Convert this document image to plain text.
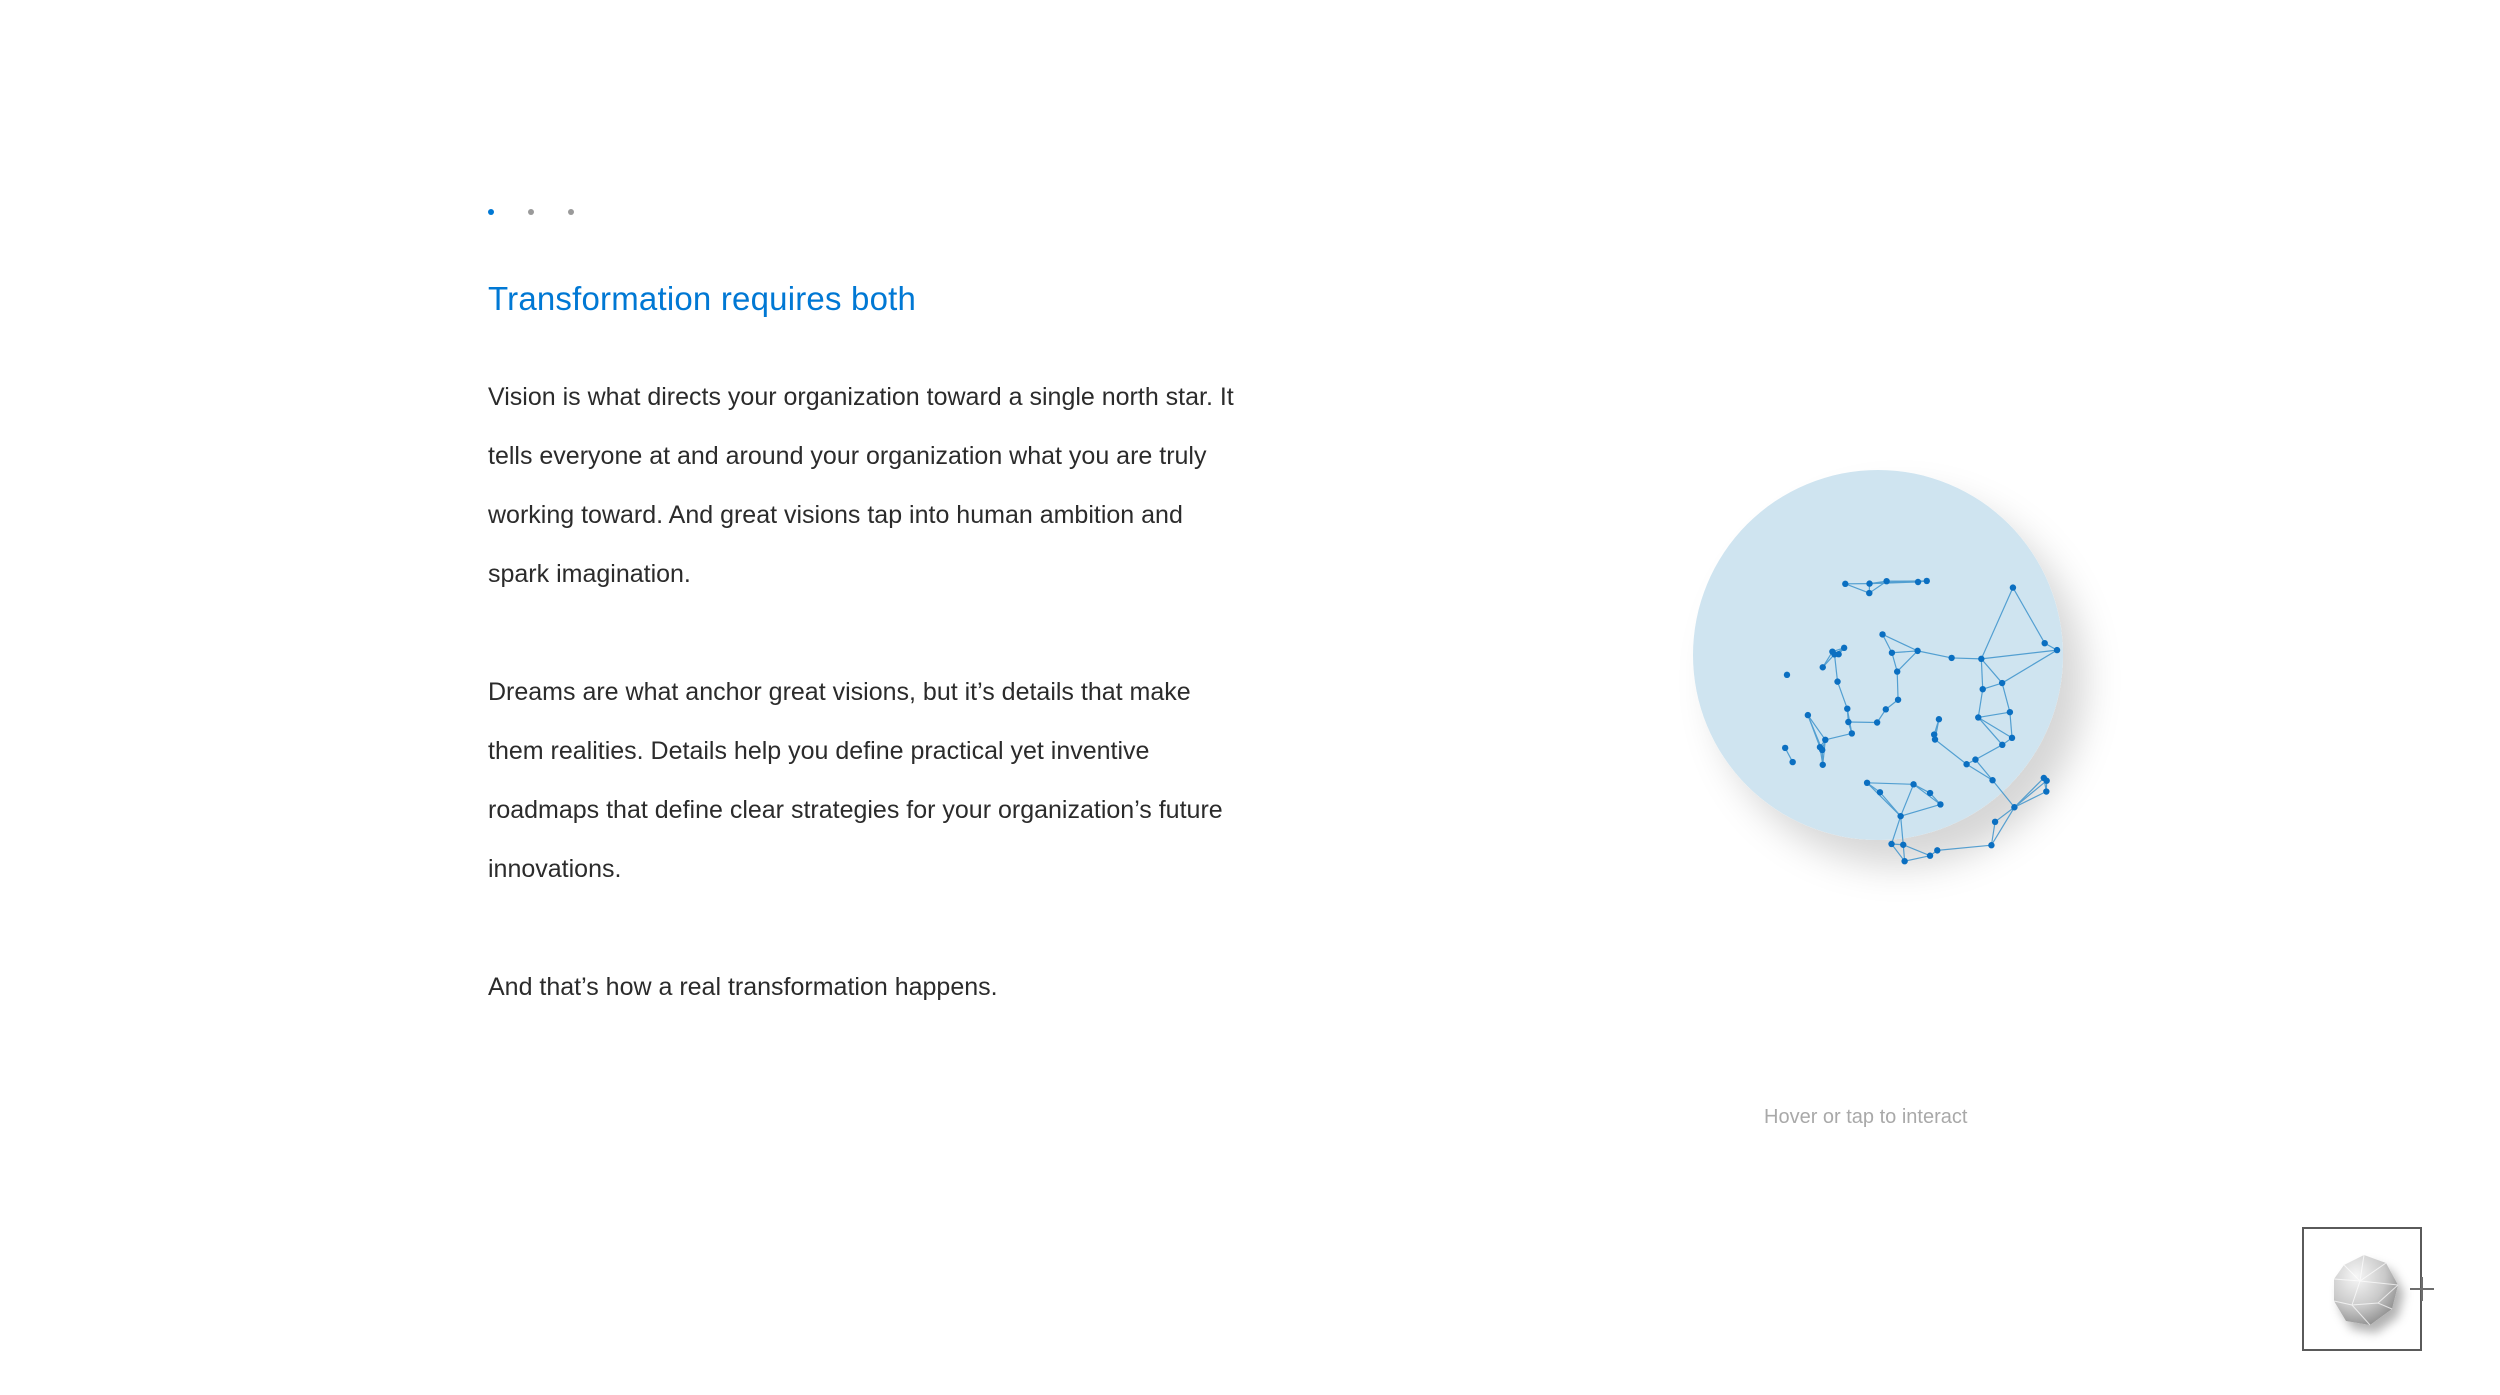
Transformation requires both

Vision is what directs your organization toward a single north star. It tells everyone at and around your organization what you are truly working toward. And great visions tap into human ambition and spark imagination.

Dreams are what anchor great visions, but it’s details that make them realities. Details help you define practical yet inventive roadmaps that define clear strategies for your organization’s future innovations.

And that’s how a real transformation happens.

Hover or tap to interact
